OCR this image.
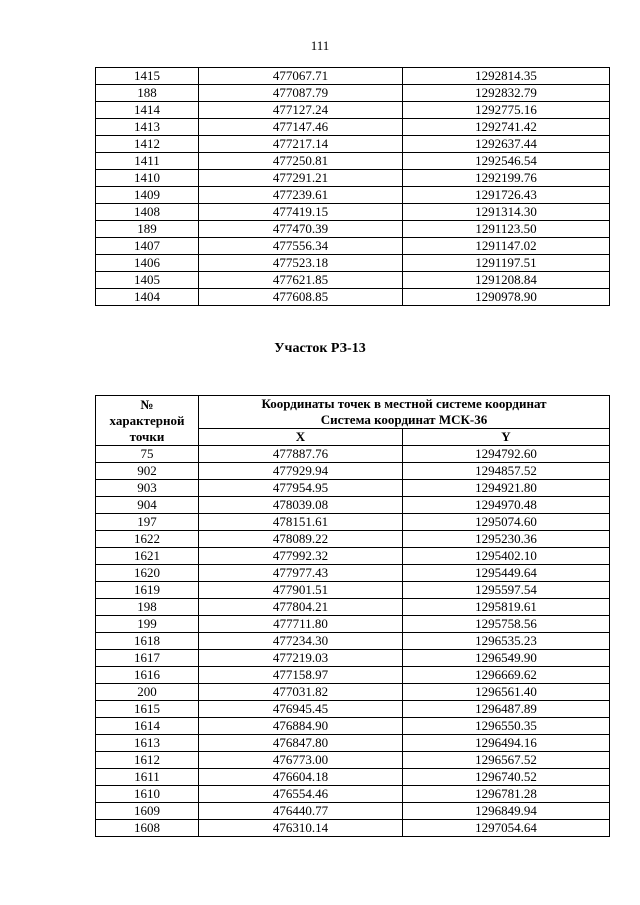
111
1415	477067.71	1292814.35
188	477087.79	1292832.79
1414	477127.24	1292775.16
1413	477147.46	1292741.42
1412	477217.14	1292637.44
1411	477250.81	1292546.54
1410	477291.21	1292199.76
1409	477239.61	1291726.43
1408	477419.15	1291314.30
189	477470.39	1291123.50
1407	477556.34	1291147.02
1406	477523.18	1291197.51
1405	477621.85	1291208.84
1404	477608.85	1290978.90
Участок РЗ-13
№
характерной
точки	Координаты точек в местной системе координат	
	Система координат МСК-36	
	X	Y
75	477887.76	1294792.60
902	477929.94	1294857.52
903	477954.95	1294921.80
904	478039.08	1294970.48
197	478151.61	1295074.60
1622	478089.22	1295230.36
1621	477992.32	1295402.10
1620	477977.43	1295449.64
1619	477901.51	1295597.54
198	477804.21	1295819.61
199	477711.80	1295758.56
1618	477234.30	1296535.23
1617	477219.03	1296549.90
1616	477158.97	1296669.62
200	477031.82	1296561.40
1615	476945.45	1296487.89
1614	476884.90	1296550.35
1613	476847.80	1296494.16
1612	476773.00	1296567.52
1611	476604.18	1296740.52
1610	476554.46	1296781.28
1609	476440.77	1296849.94
1608	476310.14	1297054.64
